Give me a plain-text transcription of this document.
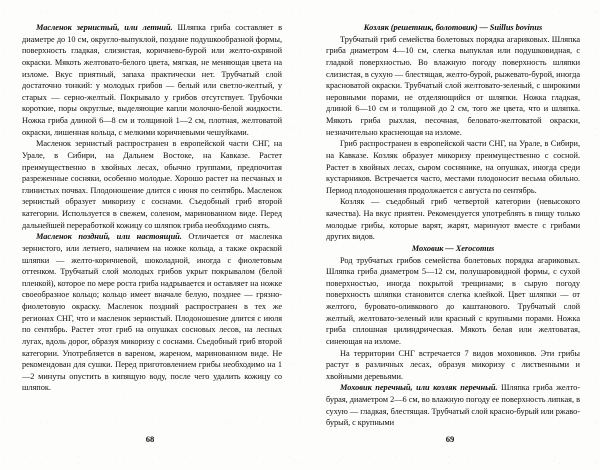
Масленок зернистый, или летний. Шляпка гриба составляет в диаметре до 10 см, округло-выпуклой, поздние подушкообразной формы, поверхность гладкая, слизистая, коричнево-бурой или желто-охряной окраски. Мякоть желтовато-белого цвета, мягкая, не меняющая цвета на изломе. Вкус приятный, запаха практически нет. Трубчатый слой достаточно тонкий: у молодых грибов — белый или светло-желтый, у старых — серно-желтый. Покрывало у грибов отсутствует. Трубочки короткие, поры округлые, выделяющие капли молочно-белой жидкости. Ножка гриба длиной 6—8 см и толщиной 1—2 см, плотная, желтоватой окраски, лишенная кольца, с мелкими коричневыми чешуйками.

Масленок зернистый распространен в европейской части СНГ, на Урале, в Сибири, на Дальнем Востоке, на Кавказе. Растет преимущественно в хвойных лесах, обычно группами, предпочитая разреженные сосняки, особенно молодые. Хорошо растет на песчаных и глинистых почвах. Плодоношение длится с июня по сентябрь. Масленок зернистый образует микоризу с соснами. Съедобный гриб второй категории. Используется в свежем, соленом, маринованном виде. Перед дальнейшей переработкой кожицу со шляпок гриба необходимо снять.

Масленок поздний, или настоящий. Отличается от масленка зернистого, или летнего, наличием на ножке кольца, а также окраской шляпки — желто-коричневой, шоколадной, иногда с фиолетовым оттенком. Трубчатый слой молодых грибов укрыт покрывалом (белой пленкой), которое по мере роста гриба надрывается и оставляет на ножке своеобразное кольцо; кольцо имеет вначале белую, позднее — грязно-фиолетовую окраску. Масленок поздний распространен в тех же регионах СНГ, что и масленок зернистый. Плодоношение длится с июля по сентябрь. Растет этот гриб на опушках сосновых лесов, на лесных лугах, вдоль дорог, образуя микоризу с соснами. Съедобный гриб второй категории. Употребляется в вареном, жареном, маринованном виде. Не рекомендован для сушки. Перед приготовлением грибы необходимо на 1—2 минуты опустить в кипящую воду, после чего удалить кожицу со шляпок.

Козляк (решетник, болотовик) — Suillus bovinus

Трубчатый гриб семейства болетовых порядка агариковых. Шляпка гриба диаметром 4—10 см, слегка выпуклая или подушковидная, с гладкой поверхностью. Во влажную погоду поверхность шляпки слизистая, в сухую — блестящая, желто-бурой, рыжевато-бурой, иногда красноватой окраски. Трубчатый слой желтовато-зеленый, с широкими неровными порами, не отделяющийся от шляпки. Ножка гладкая, длиной 6—10 см и толщиной до 2 см, того же цвета, что и шляпка. Мякоть гриба рыхлая, песочная, беловато-желтоватой окраски, незначительно краснеющая на изломе.

Гриб распространен в европейской части СНГ, на Урале, в Сибири, на Кавказе. Козляк образует микоризу преимущественно с сосной. Растет в хвойных лесах, сыром соснянике, на опушках, иногда среди кустарников. Встречается часто, местами плодоносит весьма обильно. Период плодоношения продолжается с августа по сентябрь.

Козляк — съедобный гриб четвертой категории (невысокого качества). На вкус приятен. Рекомендуется употреблять в пищу только молодые грибы, которые варят, жарят, маринуют вместе с грибами других видов.

Моховик — Xerocomus

Род трубчатых грибов семейства болетовых порядка агариковых. Шляпка гриба диаметром 5—12 см, полушаровидной формы, с сухой поверхностью, иногда покрытой трещинами; в сырую погоду поверхность шляпки становится слегка клейкой. Цвет шляпки — от желтого, буровато-оливкового до каштанового. Трубчатый слой желтый, желтовато-зеленый или красный с крупными порами. Ножка гриба сплошная цилиндрическая. Мякоть белая или желтоватая, синеющая на изломе.

На территории СНГ встречается 7 видов моховиков. Эти грибы растут в различных лесах, образуя микоризу с лиственными и хвойными деревьями.

Моховик перечный, или козляк перечный. Шляпка гриба желто-бурая, диаметром 2—6 см, во влажную погоду ее поверхность липкая, в сухую — гладкая, блестящая. Трубчатый слой красно-бурый или ржаво-бурый, с крупными

68	69
